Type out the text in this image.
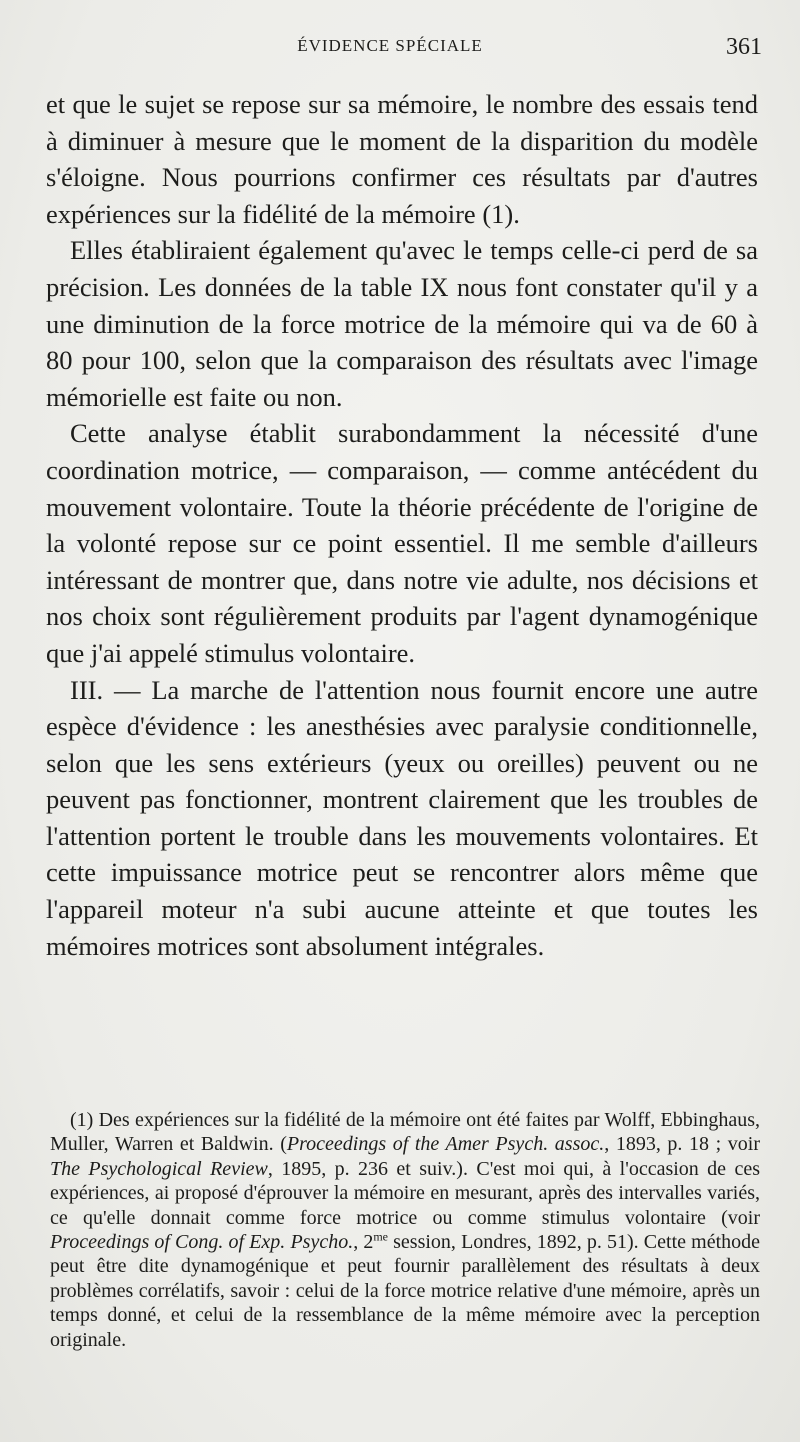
ÉVIDENCE SPÉCIALE	361

et que le sujet se repose sur sa mémoire, le nombre des essais tend à diminuer à mesure que le moment de la disparition du modèle s'éloigne. Nous pourrions confirmer ces résultats par d'autres expériences sur la fidélité de la mémoire (1).

Elles établiraient également qu'avec le temps celle-ci perd de sa précision. Les données de la table IX nous font constater qu'il y a une diminution de la force motrice de la mémoire qui va de 60 à 80 pour 100, selon que la comparaison des résultats avec l'image mémorielle est faite ou non.

Cette analyse établit surabondamment la nécessité d'une coordination motrice, — comparaison, — comme antécédent du mouvement volontaire. Toute la théorie précédente de l'origine de la volonté repose sur ce point essentiel. Il me semble d'ailleurs intéressant de montrer que, dans notre vie adulte, nos décisions et nos choix sont régulièrement produits par l'agent dynamogénique que j'ai appelé stimulus volontaire.

III. — La marche de l'attention nous fournit encore une autre espèce d'évidence : les anesthésies avec paralysie conditionnelle, selon que les sens extérieurs (yeux ou oreilles) peuvent ou ne peuvent pas fonctionner, montrent clairement que les troubles de l'attention portent le trouble dans les mouvements volontaires. Et cette impuissance motrice peut se rencontrer alors même que l'appareil moteur n'a subi aucune atteinte et que toutes les mémoires motrices sont absolument intégrales.

(1) Des expériences sur la fidélité de la mémoire ont été faites par Wolff, Ebbinghaus, Muller, Warren et Baldwin. (Proceedings of the Amer Psych. assoc., 1893, p. 18 ; voir The Psychological Review, 1895, p. 236 et suiv.). C'est moi qui, à l'occasion de ces expériences, ai proposé d'éprouver la mémoire en mesurant, après des intervalles variés, ce qu'elle donnait comme force motrice ou comme stimulus volontaire (voir Proceedings of Cong. of Exp. Psycho., $2^{me}$ session, Londres, 1892, p. 51). Cette méthode peut être dite dynamogénique et peut fournir parallèlement des résultats à deux problèmes corrélatifs, savoir : celui de la force motrice relative d'une mémoire, après un temps donné, et celui de la ressemblance de la même mémoire avec la perception originale.
